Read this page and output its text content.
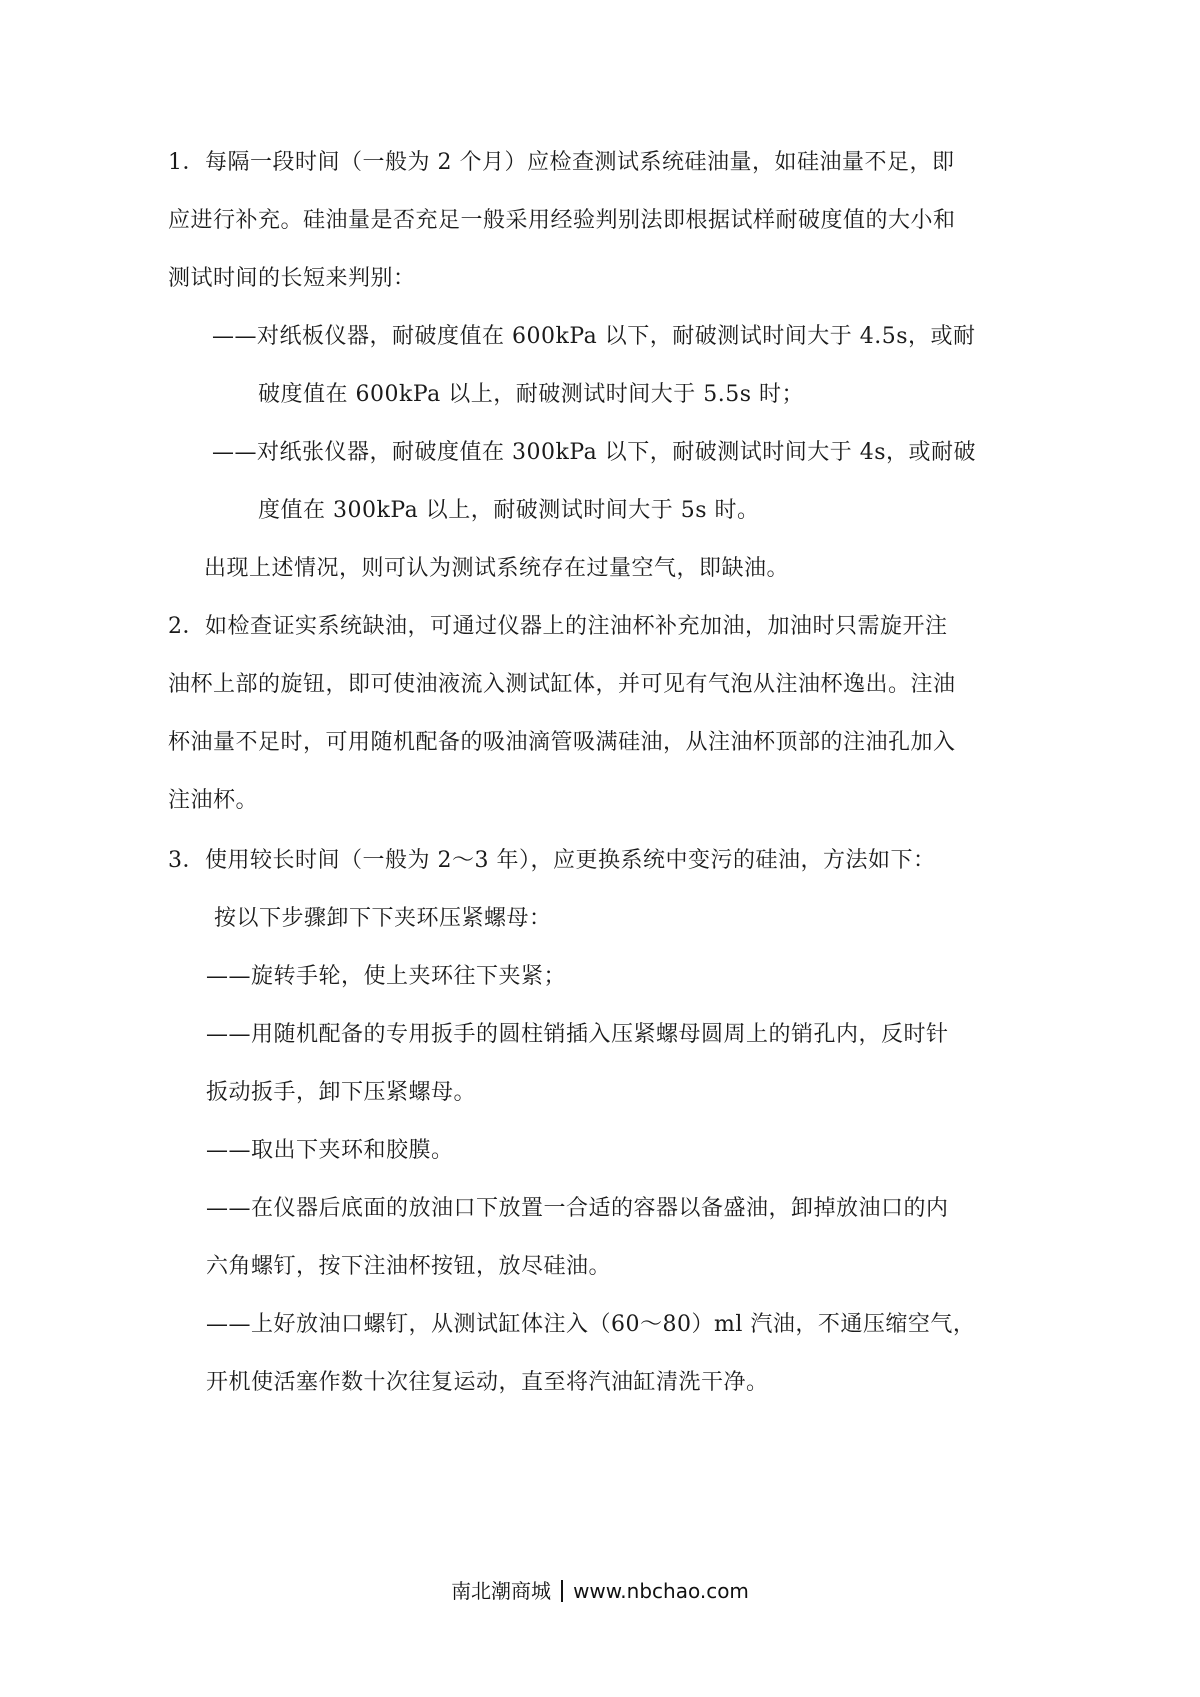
1．每隔一段时间（一般为 2 个月）应检查测试系统硅油量，如硅油量不足，即
应进行补充。硅油量是否充足一般采用经验判别法即根据试样耐破度值的大小和
测试时间的长短来判别：
——对纸板仪器，耐破度值在 600kPa 以下，耐破测试时间大于 4.5s，或耐
破度值在 600kPa 以上，耐破测试时间大于 5.5s 时；
——对纸张仪器，耐破度值在 300kPa 以下，耐破测试时间大于 4s，或耐破
度值在 300kPa 以上，耐破测试时间大于 5s 时。
出现上述情况，则可认为测试系统存在过量空气，即缺油。
2．如检查证实系统缺油，可通过仪器上的注油杯补充加油，加油时只需旋开注
油杯上部的旋钮，即可使油液流入测试缸体，并可见有气泡从注油杯逸出。注油
杯油量不足时，可用随机配备的吸油滴管吸满硅油，从注油杯顶部的注油孔加入
注油杯。
3．使用较长时间（一般为 2～3 年），应更换系统中变污的硅油，方法如下：
按以下步骤卸下下夹环压紧螺母：
——旋转手轮，使上夹环往下夹紧；
——用随机配备的专用扳手的圆柱销插入压紧螺母圆周上的销孔内，反时针
扳动扳手，卸下压紧螺母。
——取出下夹环和胶膜。
——在仪器后底面的放油口下放置一合适的容器以备盛油，卸掉放油口的内
六角螺钉，按下注油杯按钮，放尽硅油。
——上好放油口螺钉，从测试缸体注入（60～80）ml 汽油，不通压缩空气，
开机使活塞作数十次往复运动，直至将汽油缸清洗干净。
南北潮商城 www.nbchao.com
